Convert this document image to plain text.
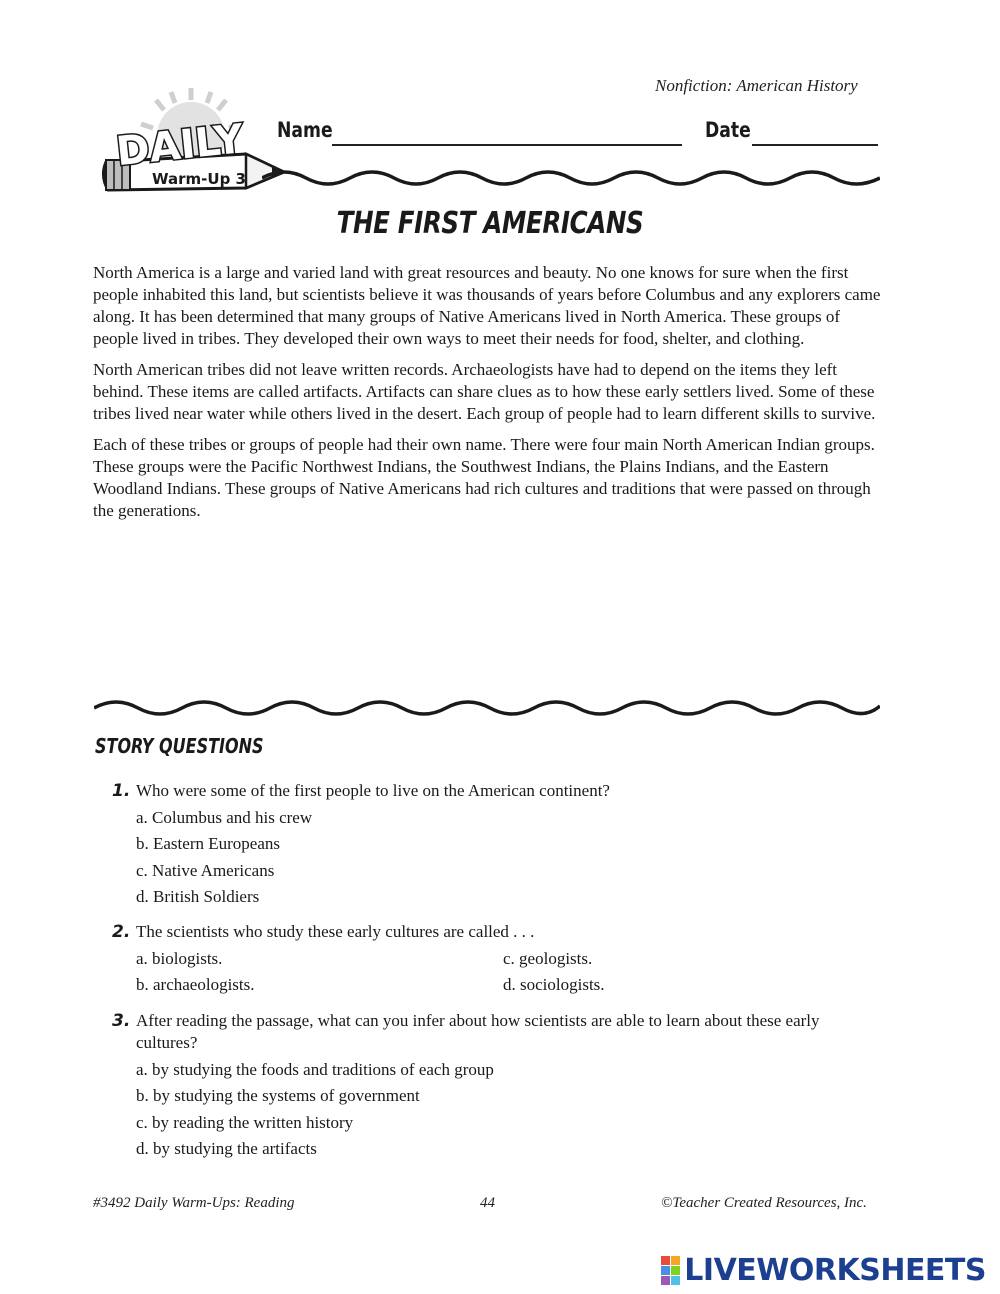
Nonfiction: American History
DAILY
Warm-Up 3
Name	Date
THE FIRST AMERICANS

North America is a large and varied land with great resources and beauty. No one knows for sure when the first people inhabited this land, but scientists believe it was thousands of years before Columbus and any explorers came along. It has been determined that many groups of Native Americans lived in North America. These groups of people lived in tribes. They developed their own ways to meet their needs for food, shelter, and clothing.

North American tribes did not leave written records. Archaeologists have had to depend on the items they left behind. These items are called artifacts. Artifacts can share clues as to how these early settlers lived. Some of these tribes lived near water while others lived in the desert. Each group of people had to learn different skills to survive.

Each of these tribes or groups of people had their own name. There were four main North American Indian groups. These groups were the Pacific Northwest Indians, the Southwest Indians, the Plains Indians, and the Eastern Woodland Indians. These groups of Native Americans had rich cultures and traditions that were passed on through the generations.

STORY QUESTIONS
1. Who were some of the first people to live on the American continent?
a. Columbus and his crew
b. Eastern Europeans
c. Native Americans
d. British Soldiers
2. The scientists who study these early cultures are called . . .
a. biologists.	c. geologists.
b. archaeologists.	d. sociologists.
3. After reading the passage, what can you infer about how scientists are able to learn about these early cultures?
a. by studying the foods and traditions of each group
b. by studying the systems of government
c. by reading the written history
d. by studying the artifacts
#3492 Daily Warm-Ups: Reading	44	©Teacher Created Resources, Inc.
LIVEWORKSHEETS
